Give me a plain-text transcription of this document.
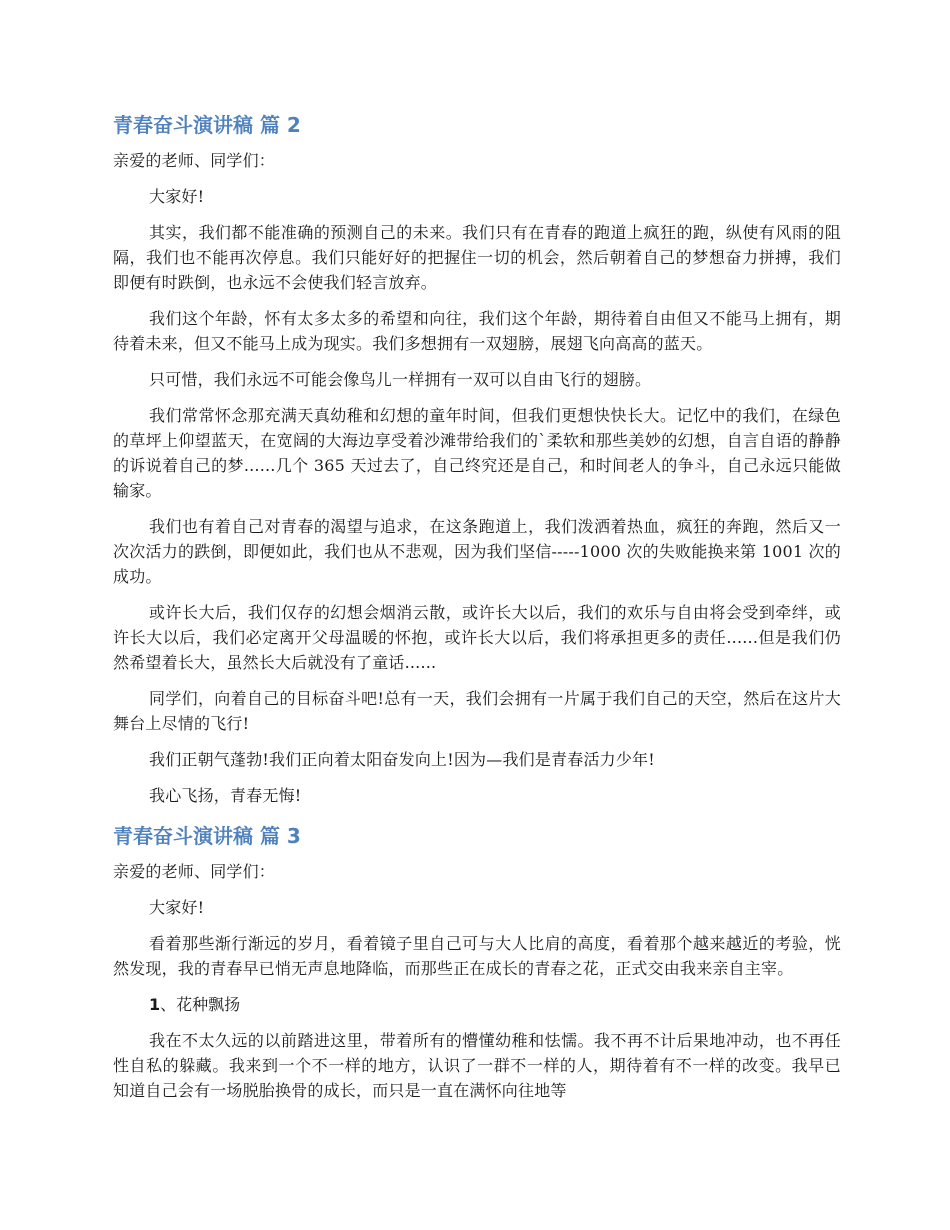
青春奋斗演讲稿 篇 2

亲爱的老师、同学们：

大家好!

其实，我们都不能准确的预测自己的未来。我们只有在青春的跑道上疯狂的跑，纵使有风雨的阻隔，我们也不能再次停息。我们只能好好的把握住一切的机会，然后朝着自己的梦想奋力拼搏，我们即便有时跌倒，也永远不会使我们轻言放弃。

我们这个年龄，怀有太多太多的希望和向往，我们这个年龄，期待着自由但又不能马上拥有，期待着未来，但又不能马上成为现实。我们多想拥有一双翅膀，展翅飞向高高的蓝天。

只可惜，我们永远不可能会像鸟儿一样拥有一双可以自由飞行的翅膀。

我们常常怀念那充满天真幼稚和幻想的童年时间，但我们更想快快长大。记忆中的我们，在绿色的草坪上仰望蓝天，在宽阔的大海边享受着沙滩带给我们的`柔软和那些美妙的幻想，自言自语的静静的诉说着自己的梦......几个 365 天过去了，自己终究还是自己，和时间老人的争斗，自己永远只能做输家。

我们也有着自己对青春的渴望与追求，在这条跑道上，我们泼洒着热血，疯狂的奔跑，然后又一次次活力的跌倒，即便如此，我们也从不悲观，因为我们坚信-----1000 次的失败能换来第 1001 次的成功。

或许长大后，我们仅存的幻想会烟消云散，或许长大以后，我们的欢乐与自由将会受到牵绊，或许长大以后，我们必定离开父母温暖的怀抱，或许长大以后，我们将承担更多的责任......但是我们仍然希望着长大，虽然长大后就没有了童话......

同学们，向着自己的目标奋斗吧!总有一天，我们会拥有一片属于我们自己的天空，然后在这片大舞台上尽情的飞行!

我们正朝气蓬勃!我们正向着太阳奋发向上!因为—我们是青春活力少年!

我心飞扬，青春无悔!

青春奋斗演讲稿 篇 3

亲爱的老师、同学们：

大家好!

看着那些渐行渐远的岁月，看着镜子里自己可与大人比肩的高度，看着那个越来越近的考验，恍然发现，我的青春早已悄无声息地降临，而那些正在成长的青春之花，正式交由我来亲自主宰。

1、花种飘扬

我在不太久远的以前踏进这里，带着所有的懵懂幼稚和怯懦。我不再不计后果地冲动，也不再任性自私的躲藏。我来到一个不一样的地方，认识了一群不一样的人，期待着有不一样的改变。我早已知道自己会有一场脱胎换骨的成长，而只是一直在满怀向往地等
